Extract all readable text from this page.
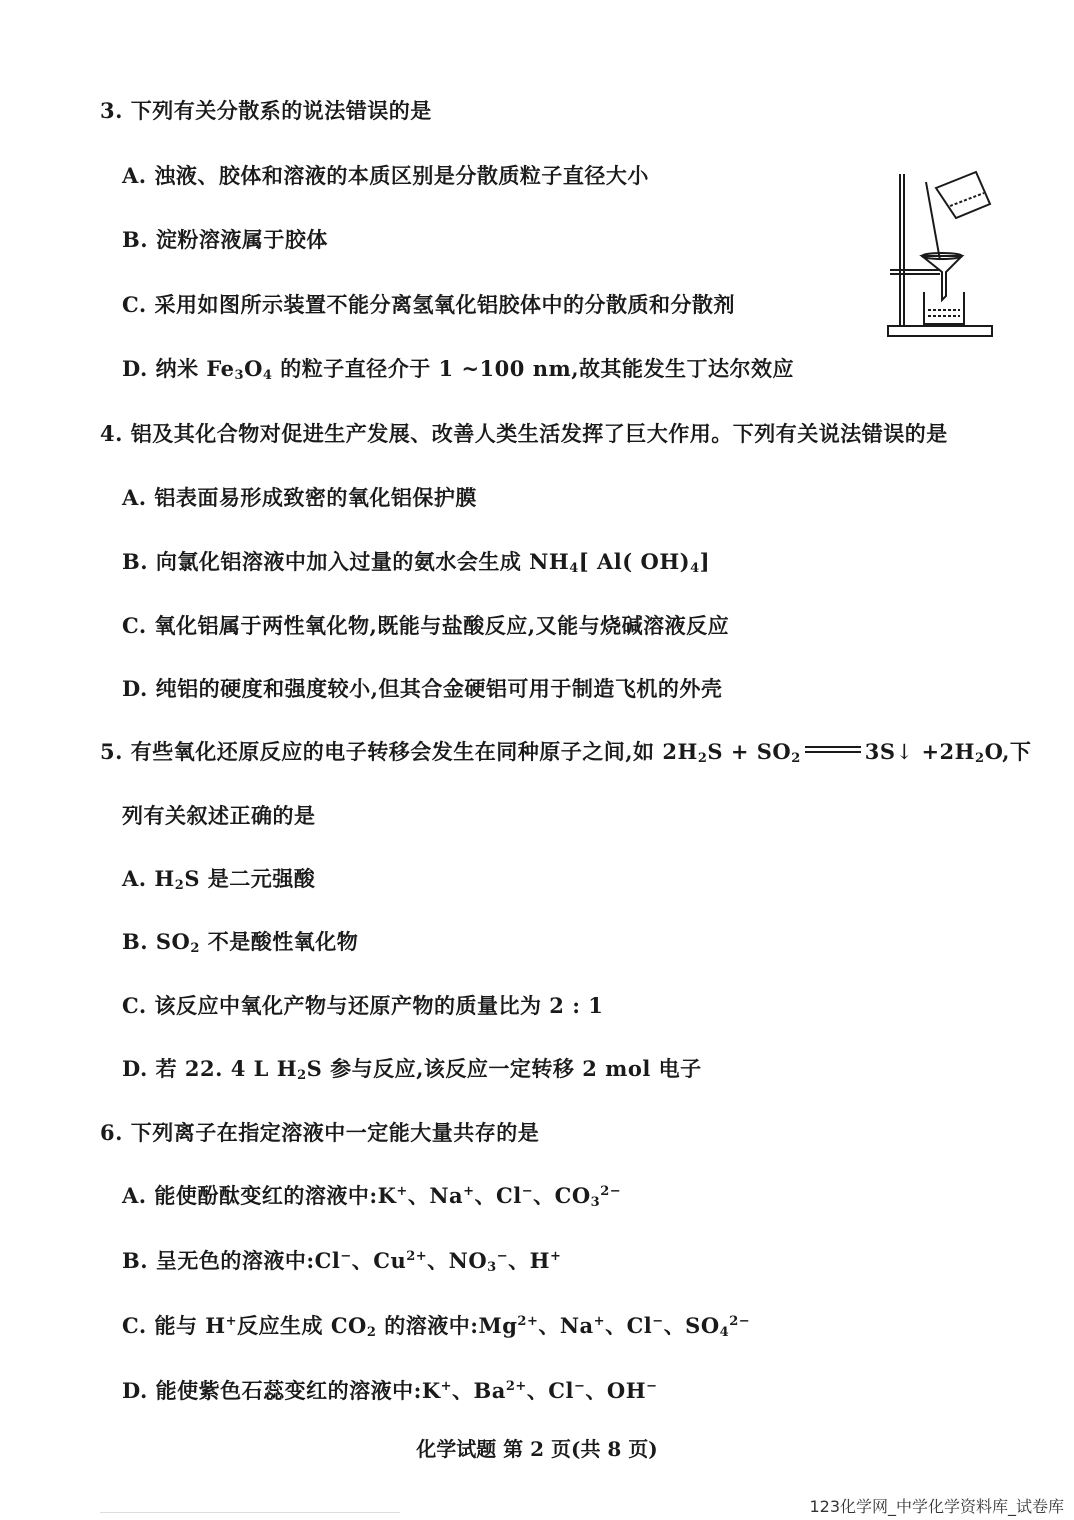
3. 下列有关分散系的说法错误的是
A. 浊液、胶体和溶液的本质区别是分散质粒子直径大小
B. 淀粉溶液属于胶体
C. 采用如图所示装置不能分离氢氧化铝胶体中的分散质和分散剂
D. 纳米 $Fe_3O_4$ 的粒子直径介于 1 ~100 nm,故其能发生丁达尔效应
4. 铝及其化合物对促进生产发展、改善人类生活发挥了巨大作用。下列有关说法错误的是
A. 铝表面易形成致密的氧化铝保护膜
B. 向氯化铝溶液中加入过量的氨水会生成 $NH_4$[ Al( $OH)_4$]
C. 氧化铝属于两性氧化物,既能与盐酸反应,又能与烧碱溶液反应
D. 纯铝的硬度和强度较小,但其合金硬铝可用于制造飞机的外壳
5. 有些氧化还原反应的电子转移会发生在同种原子之间,如 $2H_2S + SO_2$	3S↓ $+2H_2O$,下
列有关叙述正确的是
A. $H_2S$ 是二元强酸
B. $SO_2$ 不是酸性氧化物
C. 该反应中氧化产物与还原产物的质量比为 2 : 1
D. 若 22. 4 L $H_2S$ 参与反应,该反应一定转移 2 mol 电子
6. 下列离子在指定溶液中一定能大量共存的是
A. 能使酚酞变红的溶液中:K+、Na+、Cl−、$CO_3^{2-}$
B. 呈无色的溶液中:Cl−、$Cu^{2+}$、$NO_3^-$、H+
C. 能与 H+反应生成 $CO_2$ 的溶液中$:Mg^{2+}$、Na+、Cl−、$SO_4^{2-}$
D. 能使紫色石蕊变红的溶液中:K+、$Ba^{2+}$、Cl−、OH−
化学试题 第 2 页(共 8 页)
123化学网_中学化学资料库_试卷库
